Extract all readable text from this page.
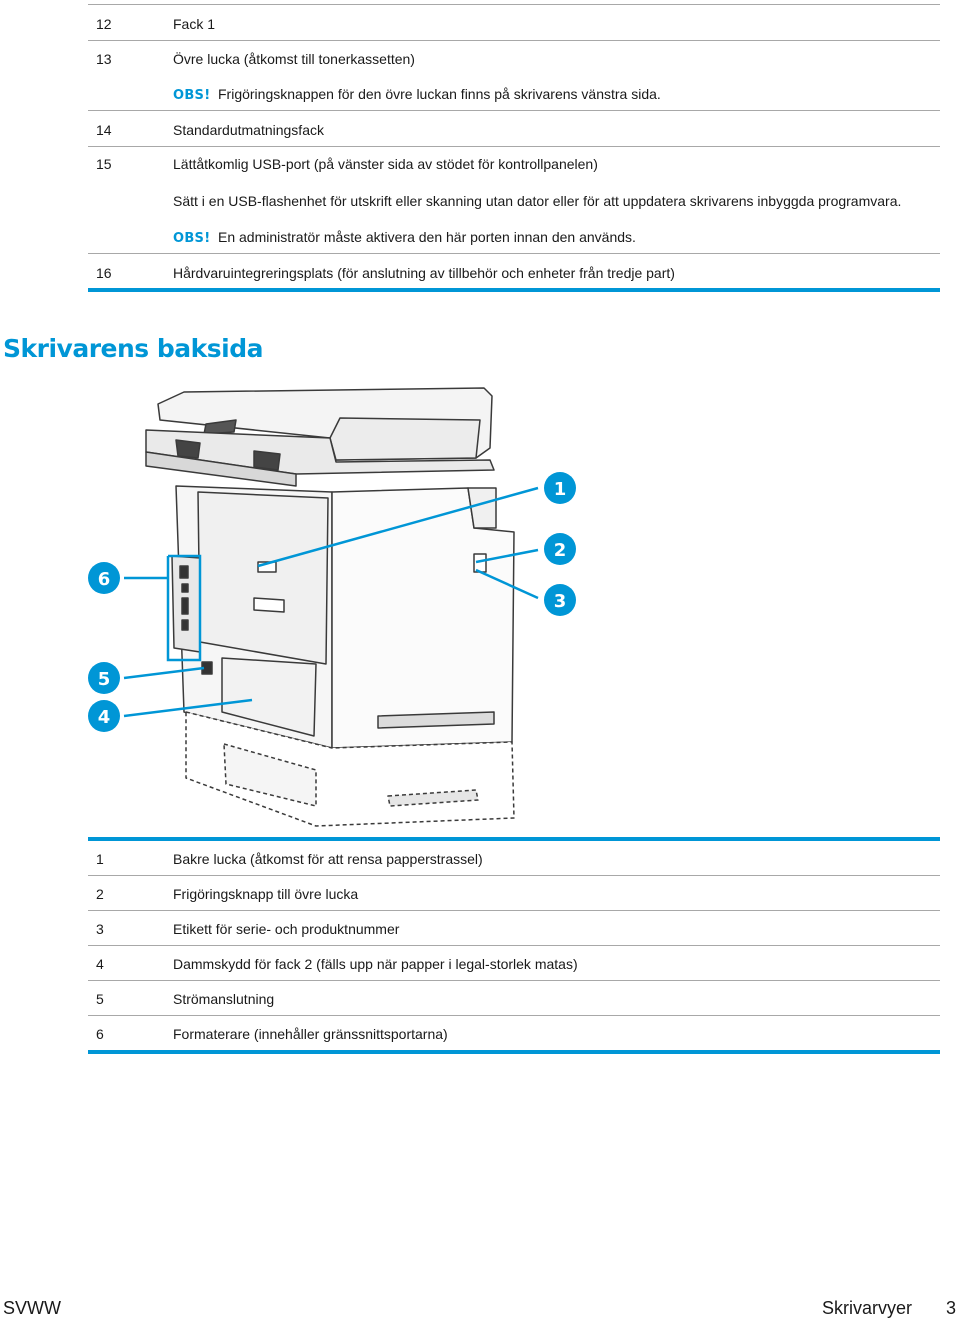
12	Fack 1
13	Övre lucka (åtkomst till tonerkassetten)
OBS! Frigöringsknappen för den övre luckan finns på skrivarens vänstra sida.
14	Standardutmatningsfack
15	Lättåtkomlig USB-port (på vänster sida av stödet för kontrollpanelen)
Sätt i en USB-flashenhet för utskrift eller skanning utan dator eller för att uppdatera skrivarens inbyggda programvara.
OBS! En administratör måste aktivera den här porten innan den används.
16	Hårdvaruintegreringsplats (för anslutning av tillbehör och enheter från tredje part)
Skrivarens baksida
1
2
3
6
5
4
1	Bakre lucka (åtkomst för att rensa papperstrassel)
2	Frigöringsknapp till övre lucka
3	Etikett för serie- och produktnummer
4	Dammskydd för fack 2 (fälls upp när papper i legal-storlek matas)
5	Strömanslutning
6	Formaterare (innehåller gränssnittsportarna)
SVWW	Skrivarvyer 3
